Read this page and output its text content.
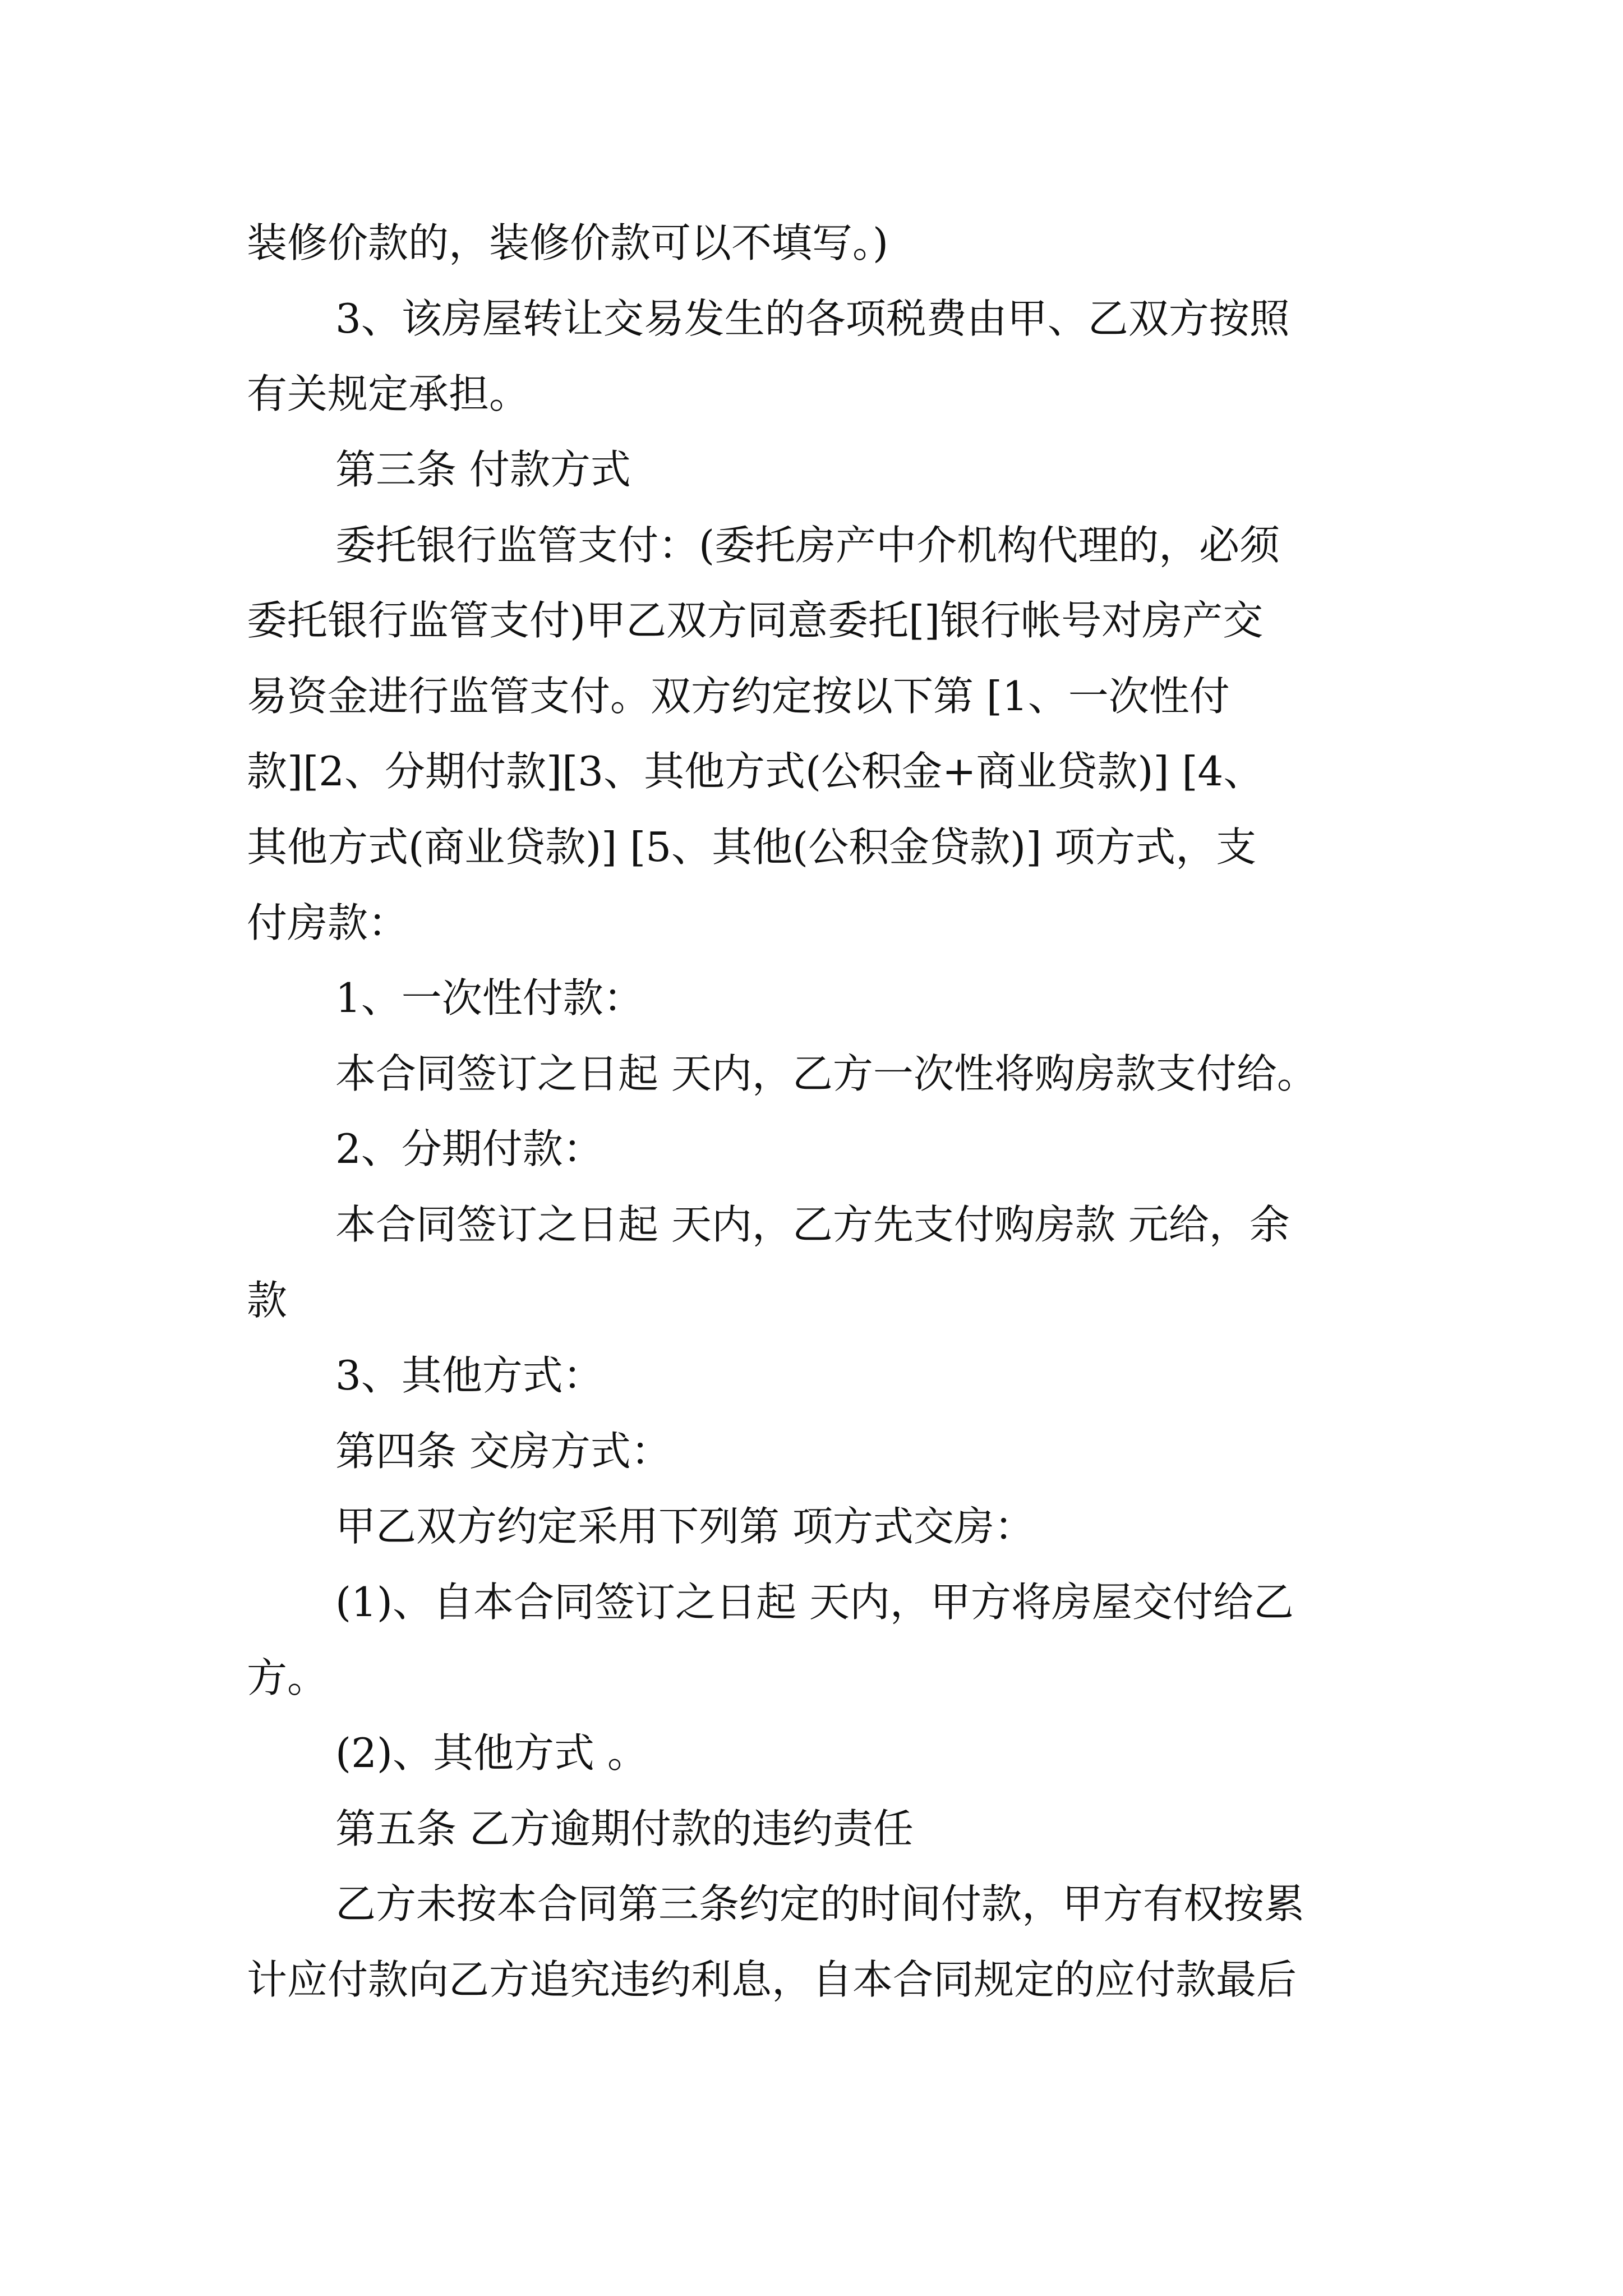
装修价款的，装修价款可以不填写。)

3、该房屋转让交易发生的各项税费由甲、乙双方按照

有关规定承担。

第三条 付款方式

委托银行监管支付：(委托房产中介机构代理的，必须

委托银行监管支付)甲乙双方同意委托[]银行帐号对房产交

易资金进行监管支付。双方约定按以下第 [1、一次性付

款][2、分期付款][3、其他方式(公积金+商业贷款)] [4、

其他方式(商业贷款)] [5、其他(公积金贷款)] 项方式，支

付房款：

1、一次性付款：

本合同签订之日起 天内，乙方一次性将购房款支付给。

2、分期付款：

本合同签订之日起 天内，乙方先支付购房款 元给，余

款

3、其他方式：

第四条 交房方式：

甲乙双方约定采用下列第 项方式交房：

(1)、自本合同签订之日起 天内，甲方将房屋交付给乙

方。

(2)、其他方式 。

第五条 乙方逾期付款的违约责任

乙方未按本合同第三条约定的时间付款，甲方有权按累

计应付款向乙方追究违约利息，自本合同规定的应付款最后
